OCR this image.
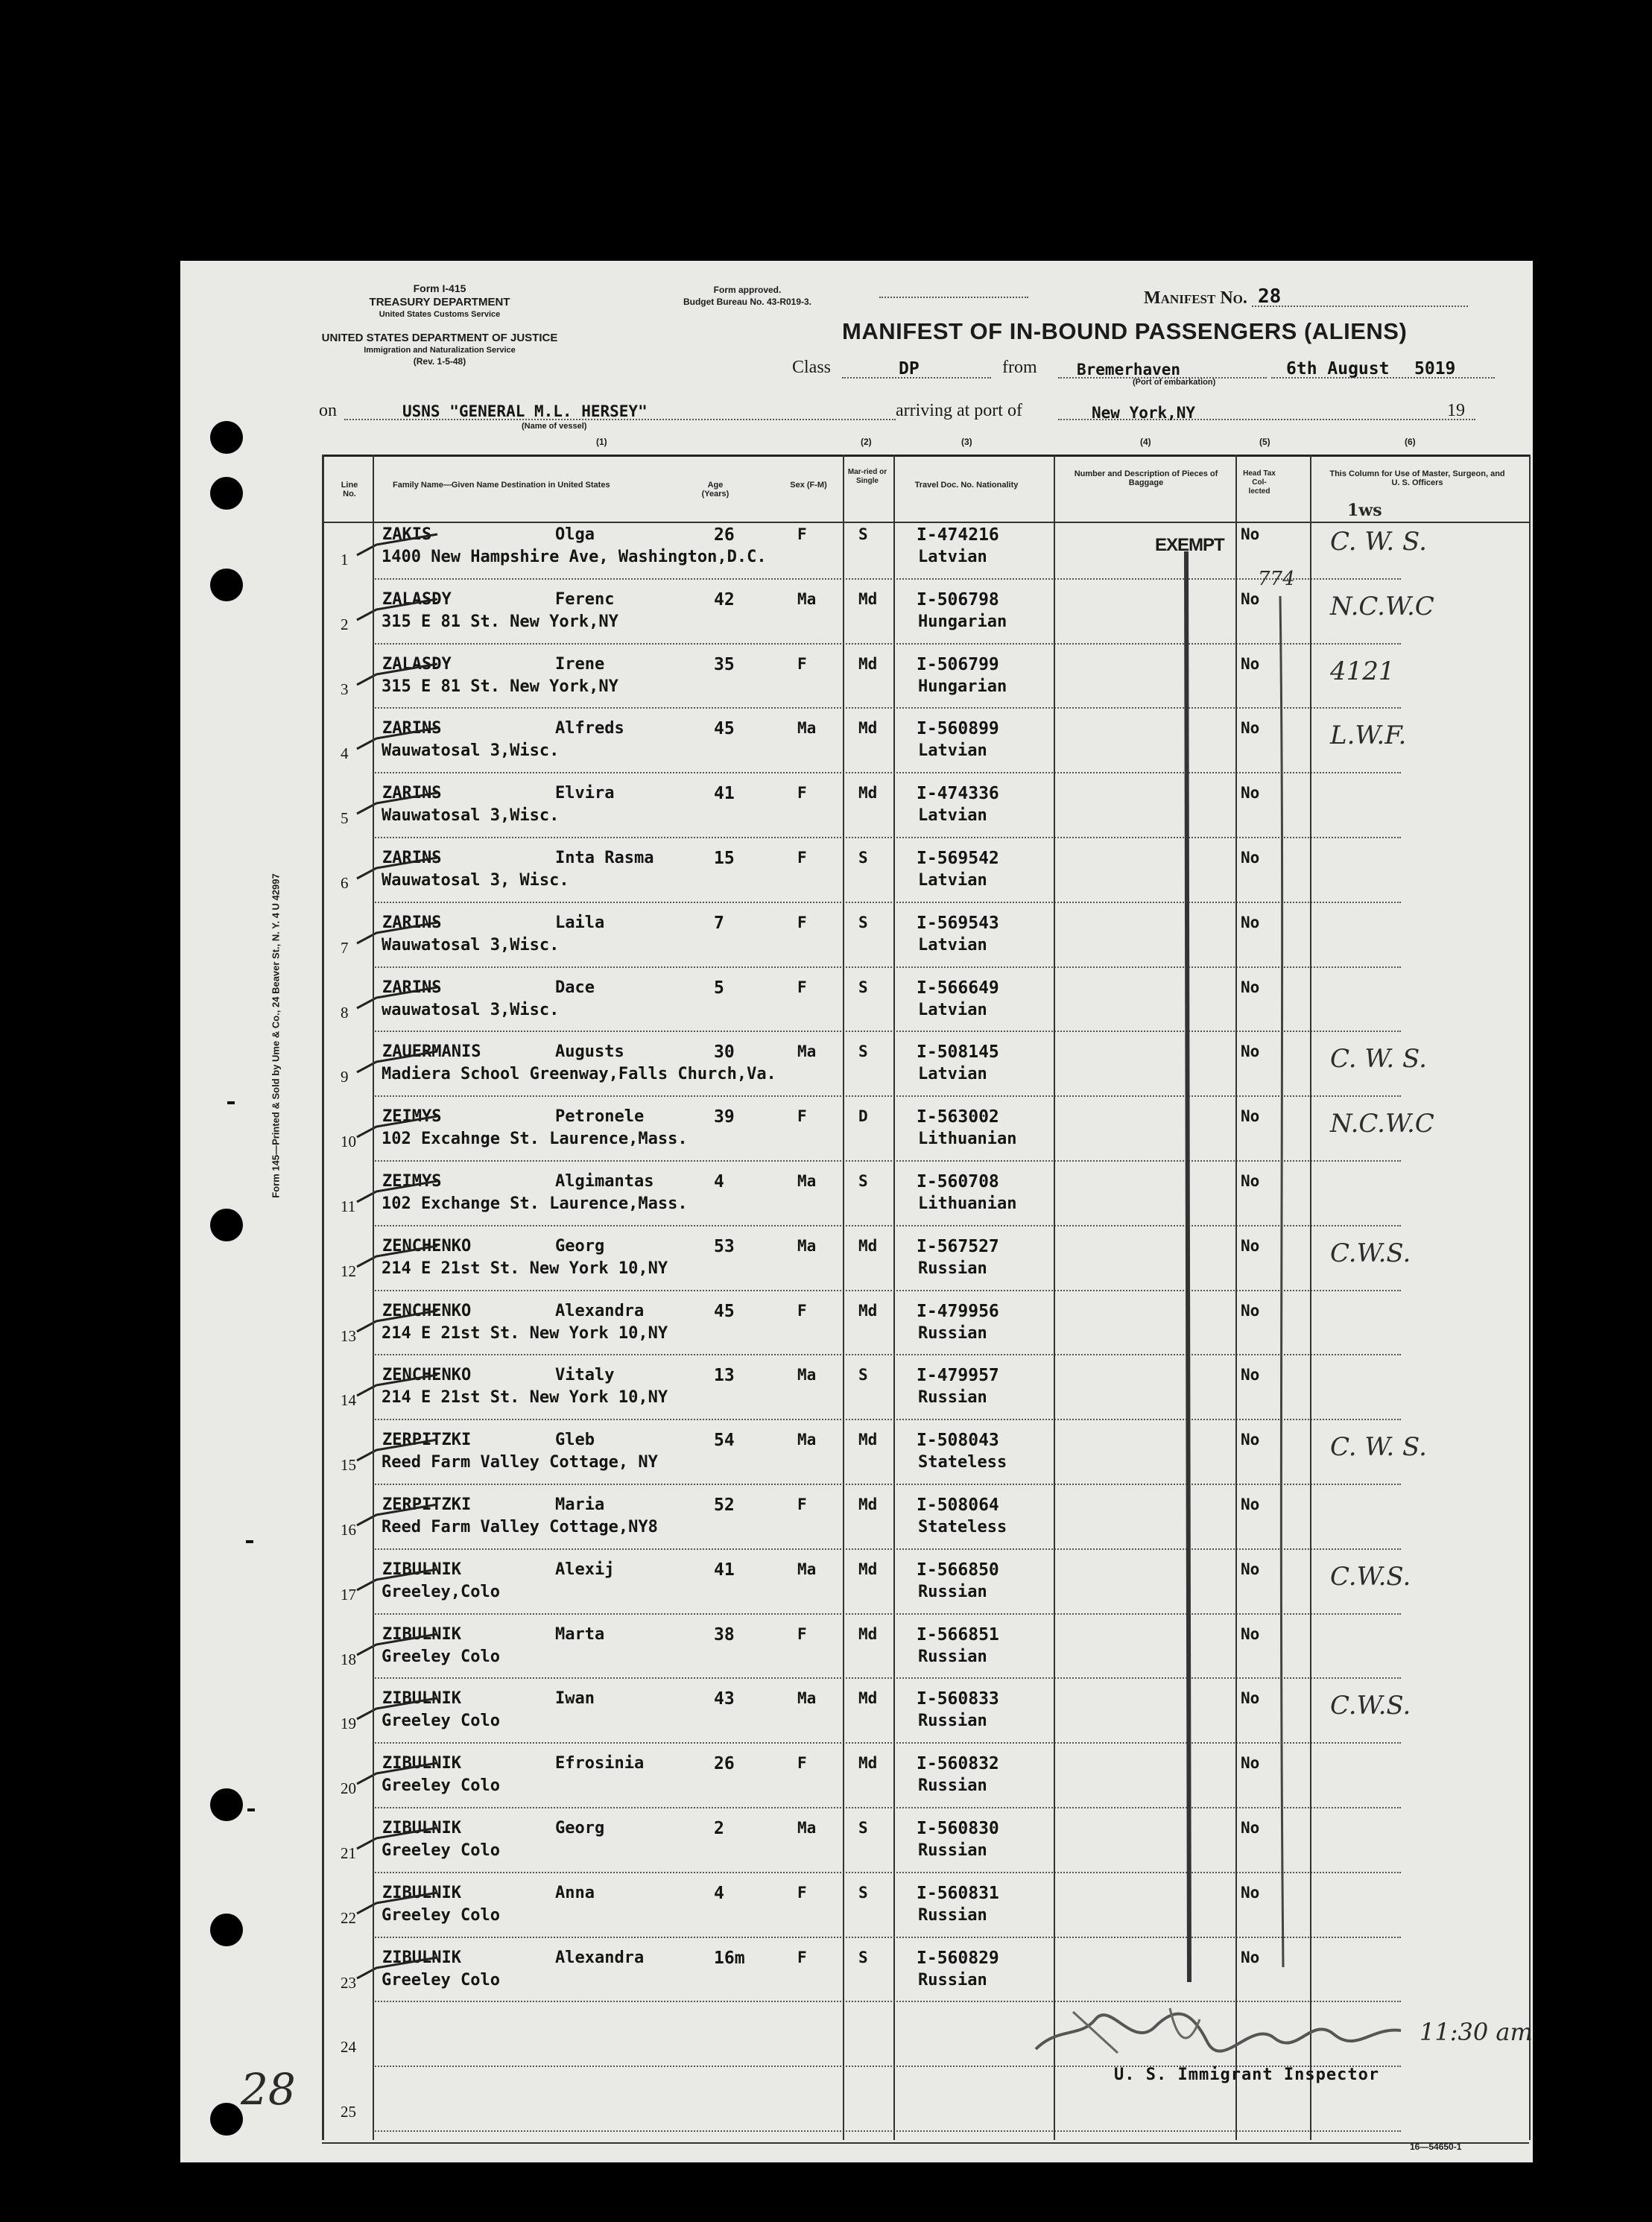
Form 145—Printed & Sold by Ume & Co., 24 Beaver St., N. Y. 4 U 42997
Form I-415
TREASURY DEPARTMENT
United States Customs Service
UNITED STATES DEPARTMENT OF JUSTICE
Immigration and Naturalization Service
(Rev. 1-5-48)
Form approved.
Budget Bureau No. 43-R019-3.	Manifest No. 28
MANIFEST OF IN-BOUND PASSENGERS (ALIENS)
Class	DP	from	Bremerhaven
(Port of embarkation)
6th August 5019
on	USNS "GENERAL M.L. HERSEY"
(Name of vessel)
arriving at port of	New York,NY	19
(1)	(2)	(3)	(4)	(5)	(6)
Line No.
Family Name—Given Name Destination in United States	Age (Years)
Sex (F-M)
Mar-ried or Single	Travel Doc. No. Nationality
Number and Description of Pieces of Baggage
Head Tax Col-lected
This Column for Use of Master, Surgeon, and U. S. Officers
1ws
1
ZAKIS	Olga	26	F	S	I-474216	No
1400 New Hampshire Ave, Washington,D.C.	Latvian
C. W. S.
2
ZALASDY	Ferenc	42	Ma	Md I-506798	No
315 E 81 St. New York,NY	Hungarian
N.C.W.C
3
ZALASDY	Irene	35	F	Md I-506799	No
315 E 81 St. New York,NY	Hungarian
4121
4
ZARINS	Alfreds	45	Ma	Md I-560899	No
Wauwatosal 3,Wisc.	Latvian
L.W.F.
5
ZARINS	Elvira	41	F	Md I-474336	No
Wauwatosal 3,Wisc.	Latvian
6
ZARINS	Inta Rasma	15	F	S	I-569542	No
Wauwatosal 3, Wisc.	Latvian
7
ZARINS	Laila	7	F	S	I-569543	No
Wauwatosal 3,Wisc.	Latvian
8
ZARINS	Dace	5	F	S	I-566649	No
wauwatosal 3,Wisc.	Latvian
9
ZAUERMANIS	Augusts	30	Ma	S	I-508145	No
Madiera School Greenway,Falls Church,Va.	Latvian
C. W. S.
10
ZEIMYS	Petronele	39	F	D	I-563002	No
102 Excahnge St. Laurence,Mass.	Lithuanian
N.C.W.C
11
ZEIMYS	Algimantas	4	Ma	S	I-560708	No
102 Exchange St. Laurence,Mass.	Lithuanian
12
ZENCHENKO	Georg	53	Ma	Md I-567527	No
214 E 21st St. New York 10,NY	Russian
C.W.S.
13
ZENCHENKO	Alexandra	45	F	Md I-479956	No
214 E 21st St. New York 10,NY	Russian
14
ZENCHENKO	Vitaly	13	Ma	S	I-479957	No
214 E 21st St. New York 10,NY	Russian
15
ZERPITZKI	Gleb	54	Ma	Md I-508043	No
Reed Farm Valley Cottage, NY	Stateless
C. W. S.
16
ZERPITZKI	Maria	52	F	Md I-508064	No
Reed Farm Valley Cottage,NY8	Stateless
17
ZIBULNIK	Alexij	41	Ma	Md I-566850	No
Greeley,Colo	Russian
C.W.S.
18
ZIBULNIK	Marta	38	F	Md I-566851	No
Greeley Colo	Russian
19
ZIBULNIK	Iwan	43	Ma	Md I-560833	No
Greeley Colo	Russian
C.W.S.
20
ZIBULNIK	Efrosinia	26	F	Md I-560832	No
Greeley Colo	Russian
21
ZIBULNIK	Georg	2	Ma	S	I-560830	No
Greeley Colo	Russian
22
ZIBULNIK	Anna	4	F	S	I-560831	No
Greeley Colo	Russian
23
ZIBULNIK	Alexandra	16m	F	S	I-560829	No
Greeley Colo	Russian
24
25
EXEMPT
774
28
11:30 am
U. S. Immigrant Inspector
16—54650-1
